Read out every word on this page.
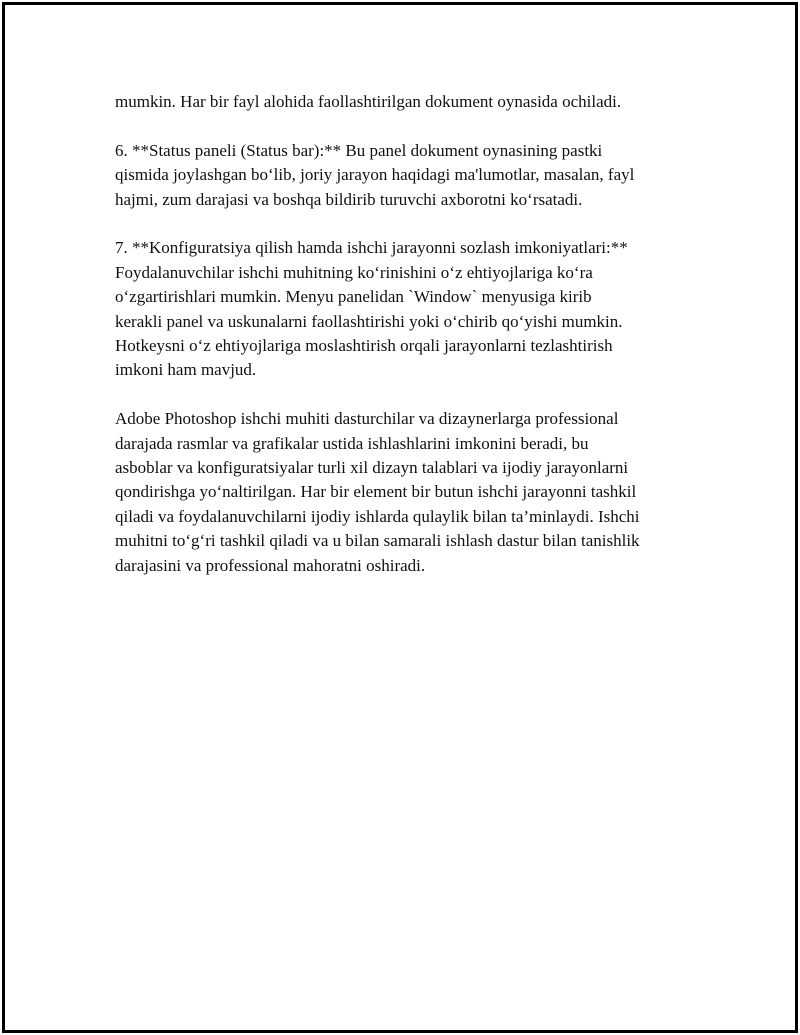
mumkin. Har bir fayl alohida faollashtirilgan dokument oynasida ochiladi.
6. **Status paneli (Status bar):** Bu panel dokument oynasining pastki
qismida joylashgan bo‘lib, joriy jarayon haqidagi ma'lumotlar, masalan, fayl
hajmi, zum darajasi va boshqa bildirib turuvchi axborotni ko‘rsatadi.
7. **Konfiguratsiya qilish hamda ishchi jarayonni sozlash imkoniyatlari:**
Foydalanuvchilar ishchi muhitning ko‘rinishini o‘z ehtiyojlariga ko‘ra
o‘zgartirishlari mumkin. Menyu panelidan `Window` menyusiga kirib
kerakli panel va uskunalarni faollashtirishi yoki o‘chirib qo‘yishi mumkin.
Hotkeysni o‘z ehtiyojlariga moslashtirish orqali jarayonlarni tezlashtirish
imkoni ham mavjud.
Adobe Photoshop ishchi muhiti dasturchilar va dizaynerlarga professional
darajada rasmlar va grafikalar ustida ishlashlarini imkonini beradi, bu
asboblar va konfiguratsiyalar turli xil dizayn talablari va ijodiy jarayonlarni
qondirishga yo‘naltirilgan. Har bir element bir butun ishchi jarayonni tashkil
qiladi va foydalanuvchilarni ijodiy ishlarda qulaylik bilan ta’minlaydi. Ishchi
muhitni to‘g‘ri tashkil qiladi va u bilan samarali ishlash dastur bilan tanishlik
darajasini va professional mahoratni oshiradi.
